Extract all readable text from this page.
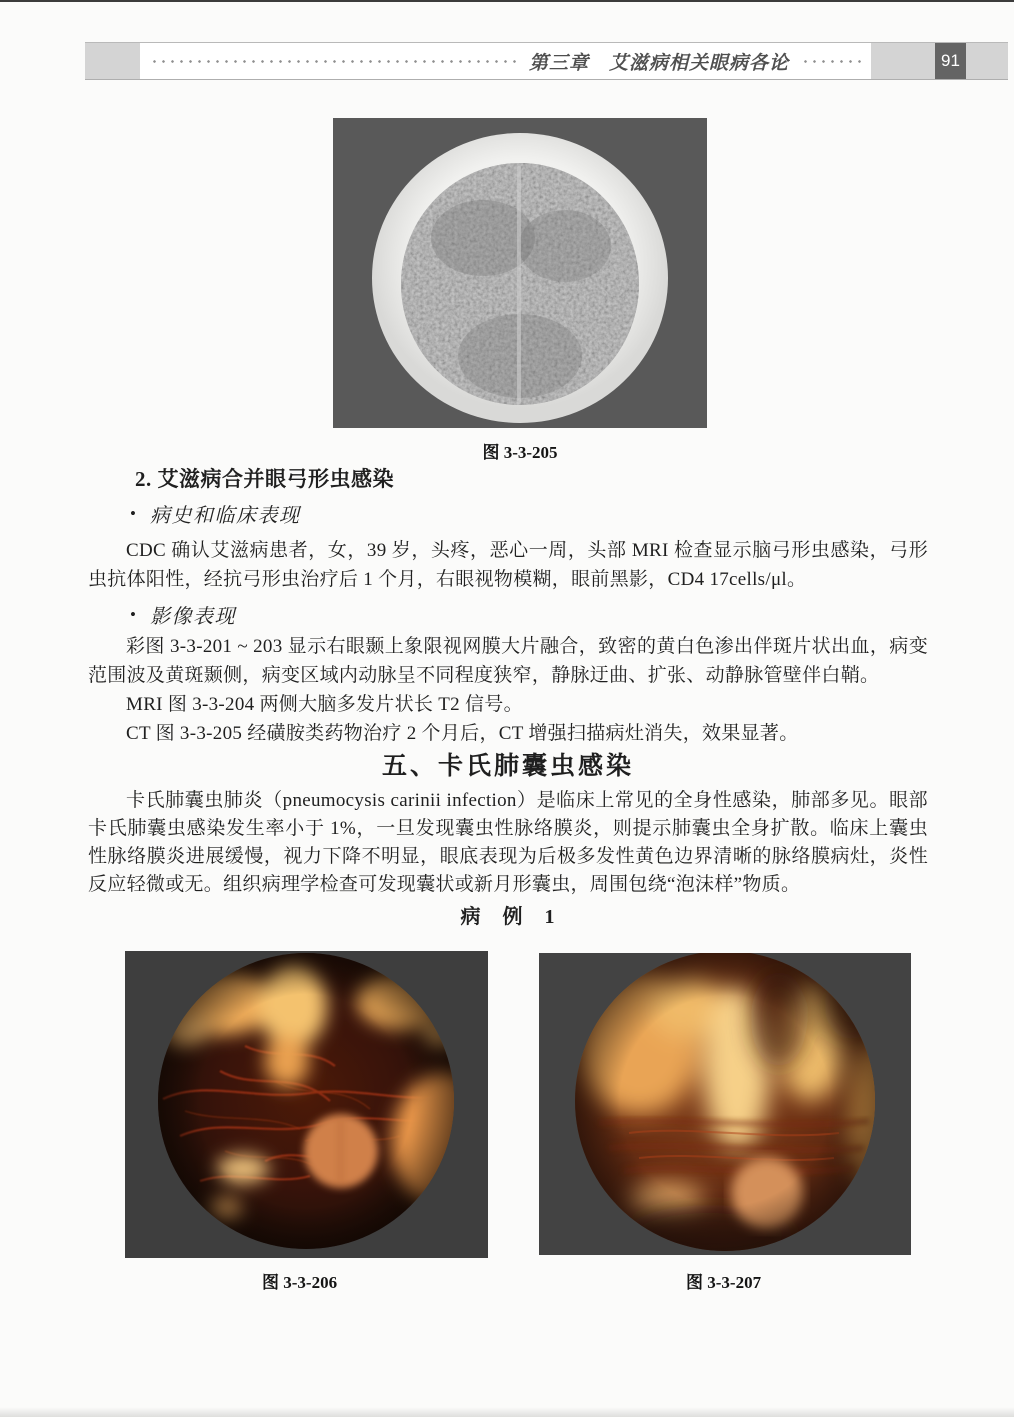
第三章　艾滋病相关眼病各论	91
图 3-3-205
2. 艾滋病合并眼弓形虫感染
• 病史和临床表现

CDC 确认艾滋病患者，女，39 岁，头疼，恶心一周，头部 MRI 检查显示脑弓形虫感染，弓形虫抗体阳性，经抗弓形虫治疗后 1 个月，右眼视物模糊，眼前黑影，CD4 17cells/μl。

• 影像表现

彩图 3-3-201 ~ 203 显示右眼颞上象限视网膜大片融合，致密的黄白色渗出伴斑片状出血，病变范围波及黄斑颞侧，病变区域内动脉呈不同程度狭窄，静脉迂曲、扩张、动静脉管壁伴白鞘。

MRI 图 3-3-204 两侧大脑多发片状长 T2 信号。

CT 图 3-3-205 经磺胺类药物治疗 2 个月后，CT 增强扫描病灶消失，效果显著。

五、卡氏肺囊虫感染

卡氏肺囊虫肺炎（pneumocysis carinii infection）是临床上常见的全身性感染，肺部多见。眼部卡氏肺囊虫感染发生率小于 1%，一旦发现囊虫性脉络膜炎，则提示肺囊虫全身扩散。临床上囊虫性脉络膜炎进展缓慢，视力下降不明显，眼底表现为后极多发性黄色边界清晰的脉络膜病灶，炎性反应轻微或无。组织病理学检查可发现囊状或新月形囊虫，周围包绕“泡沫样”物质。

病　例　1
图 3-3-206	图 3-3-207
